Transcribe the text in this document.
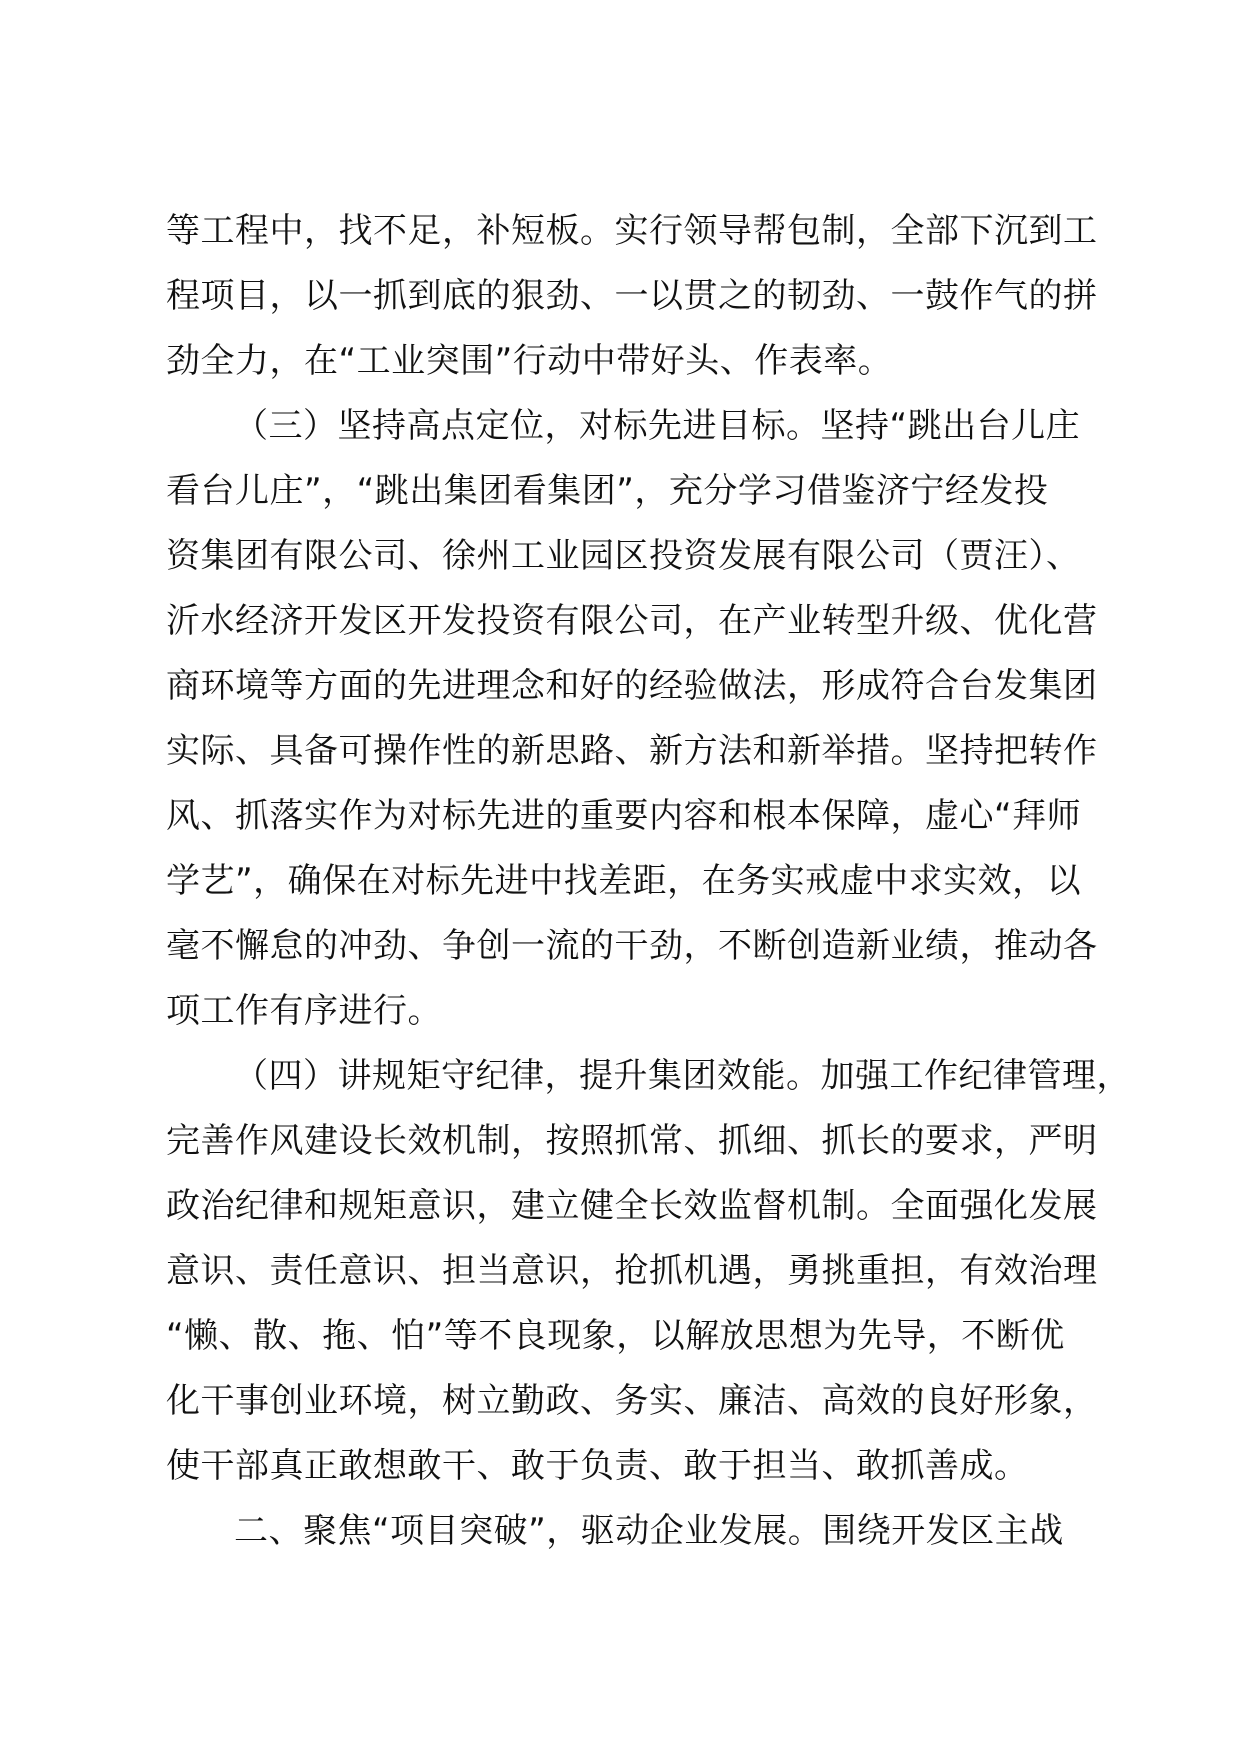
等工程中，找不足，补短板。实行领导帮包制，全部下沉到工
程项目，以一抓到底的狠劲、一以贯之的韧劲、一鼓作气的拼
劲全力，在“工业突围”行动中带好头、作表率。
（三）坚持高点定位，对标先进目标。坚持“跳出台儿庄
看台儿庄”，“跳出集团看集团”，充分学习借鉴济宁经发投
资集团有限公司、徐州工业园区投资发展有限公司（贾汪）、
沂水经济开发区开发投资有限公司，在产业转型升级、优化营
商环境等方面的先进理念和好的经验做法，形成符合台发集团
实际、具备可操作性的新思路、新方法和新举措。坚持把转作
风、抓落实作为对标先进的重要内容和根本保障，虚心“拜师
学艺”，确保在对标先进中找差距，在务实戒虚中求实效，以
毫不懈怠的冲劲、争创一流的干劲，不断创造新业绩，推动各
项工作有序进行。
（四）讲规矩守纪律，提升集团效能。加强工作纪律管理，
完善作风建设长效机制，按照抓常、抓细、抓长的要求，严明
政治纪律和规矩意识，建立健全长效监督机制。全面强化发展
意识、责任意识、担当意识，抢抓机遇，勇挑重担，有效治理
“懒、散、拖、怕”等不良现象，以解放思想为先导，不断优
化干事创业环境，树立勤政、务实、廉洁、高效的良好形象，
使干部真正敢想敢干、敢于负责、敢于担当、敢抓善成。
二、聚焦“项目突破”，驱动企业发展。围绕开发区主战
